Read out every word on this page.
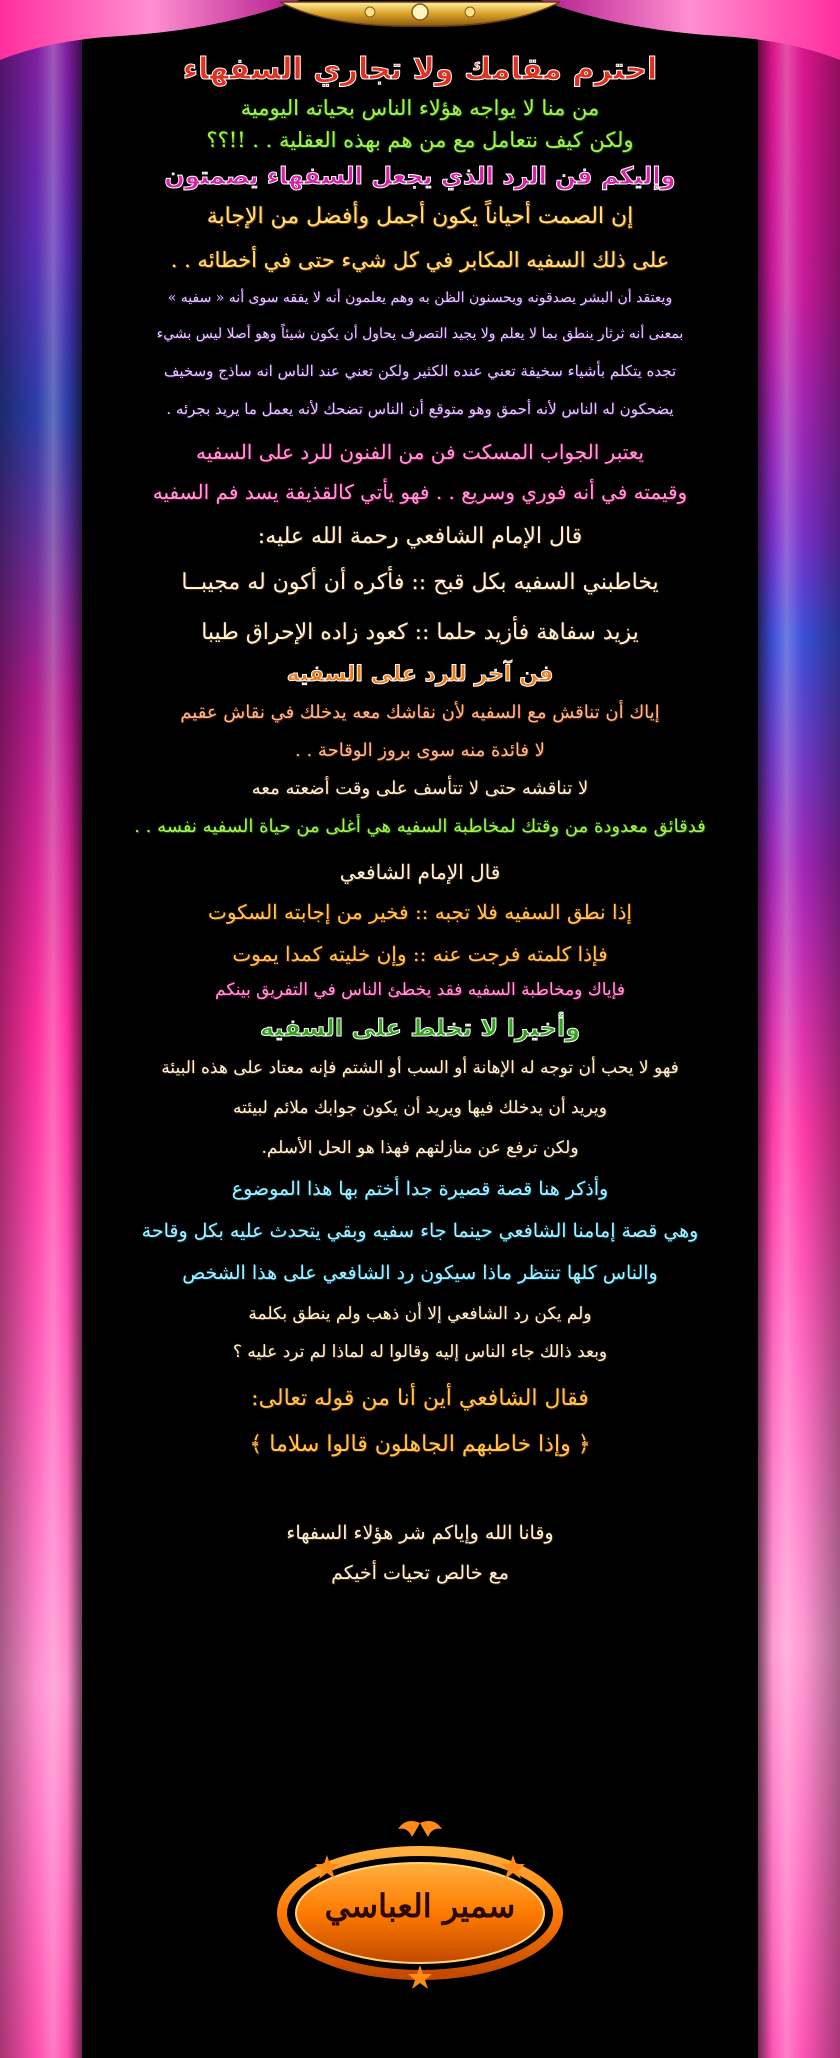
احترم مقامك ولا تجاري السفهاء
من منا لا يواجه هؤلاء الناس بحياته اليومية
ولكن كيف نتعامل مع من هم بهذه العقلية . . !!؟؟
وإليكم فن الرد الذي يجعل السفهاء يصمتون
إن الصمت أحياناً يكون أجمل وأفضل من الإجابة
على ذلك السفيه المكابر في كل شيء حتى في أخطائه . .
ويعتقد أن البشر يصدقونه ويحسنون الظن به وهم يعلمون أنه لا يفقه سوى أنه « سفيه »
بمعنى أنه ثرثار ينطق بما لا يعلم ولا يجيد التصرف يحاول أن يكون شيئاً وهو أصلا ليس بشيء
تجده يتكلم بأشياء سخيفة تعني عنده الكثير ولكن تعني عند الناس انه ساذج وسخيف
يضحكون له الناس لأنه أحمق وهو متوقع أن الناس تضحك لأنه يعمل ما يريد بجرئه .
يعتبر الجواب المسكت فن من الفنون للرد على السفيه
وقيمته في أنه فوري وسريع . . فهو يأتي كالقذيفة يسد فم السفيه
قال الإمام الشافعي رحمة الله عليه:
يخاطبني السفيه بكل قبح :: فأكره أن أكون له مجيبــا
يزيد سفاهة فأزيد حلما :: كعود زاده الإحراق طيبا
فن آخر للرد على السفيه
إياك أن تناقش مع السفيه لأن نقاشك معه يدخلك في نقاش عقيم
لا فائدة منه سوى بروز الوقاحة . .
لا تناقشه حتى لا تتأسف على وقت أضعته معه
فدقائق معدودة من وقتك لمخاطبة السفيه هي أغلى من حياة السفيه نفسه . .
قال الإمام الشافعي
إذا نطق السفيه فلا تجبه :: فخير من إجابته السكوت
فإذا كلمته فرجت عنه :: وإن خليته كمدا يموت
فإياك ومخاطبة السفيه فقد يخطئ الناس في التفريق بينكم
وأخيرا لا تخلط على السفيه
فهو لا يحب أن توجه له الإهانة أو السب أو الشتم فإنه معتاد على هذه البيئة
ويريد أن يدخلك فيها ويريد أن يكون جوابك ملائم لبيئته
ولكن ترفع عن منازلتهم فهذا هو الحل الأسلم.
وأذكر هنا قصة قصيرة جدا أختم بها هذا الموضوع
وهي قصة إمامنا الشافعي حينما جاء سفيه وبقي يتحدث عليه بكل وقاحة
والناس كلها تنتظر ماذا سيكون رد الشافعي على هذا الشخص
ولم يكن رد الشافعي إلا أن ذهب ولم ينطق بكلمة
وبعد ذالك جاء الناس إليه وقالوا له لماذا لم ترد عليه ؟
فقال الشافعي أين أنا من قوله تعالى:
﴿ وإذا خاطبهم الجاهلون قالوا سلاما ﴾
وقانا الله وإياكم شر هؤلاء السفهاء
مع خالص تحيات أخيكم
سمير العباسي
